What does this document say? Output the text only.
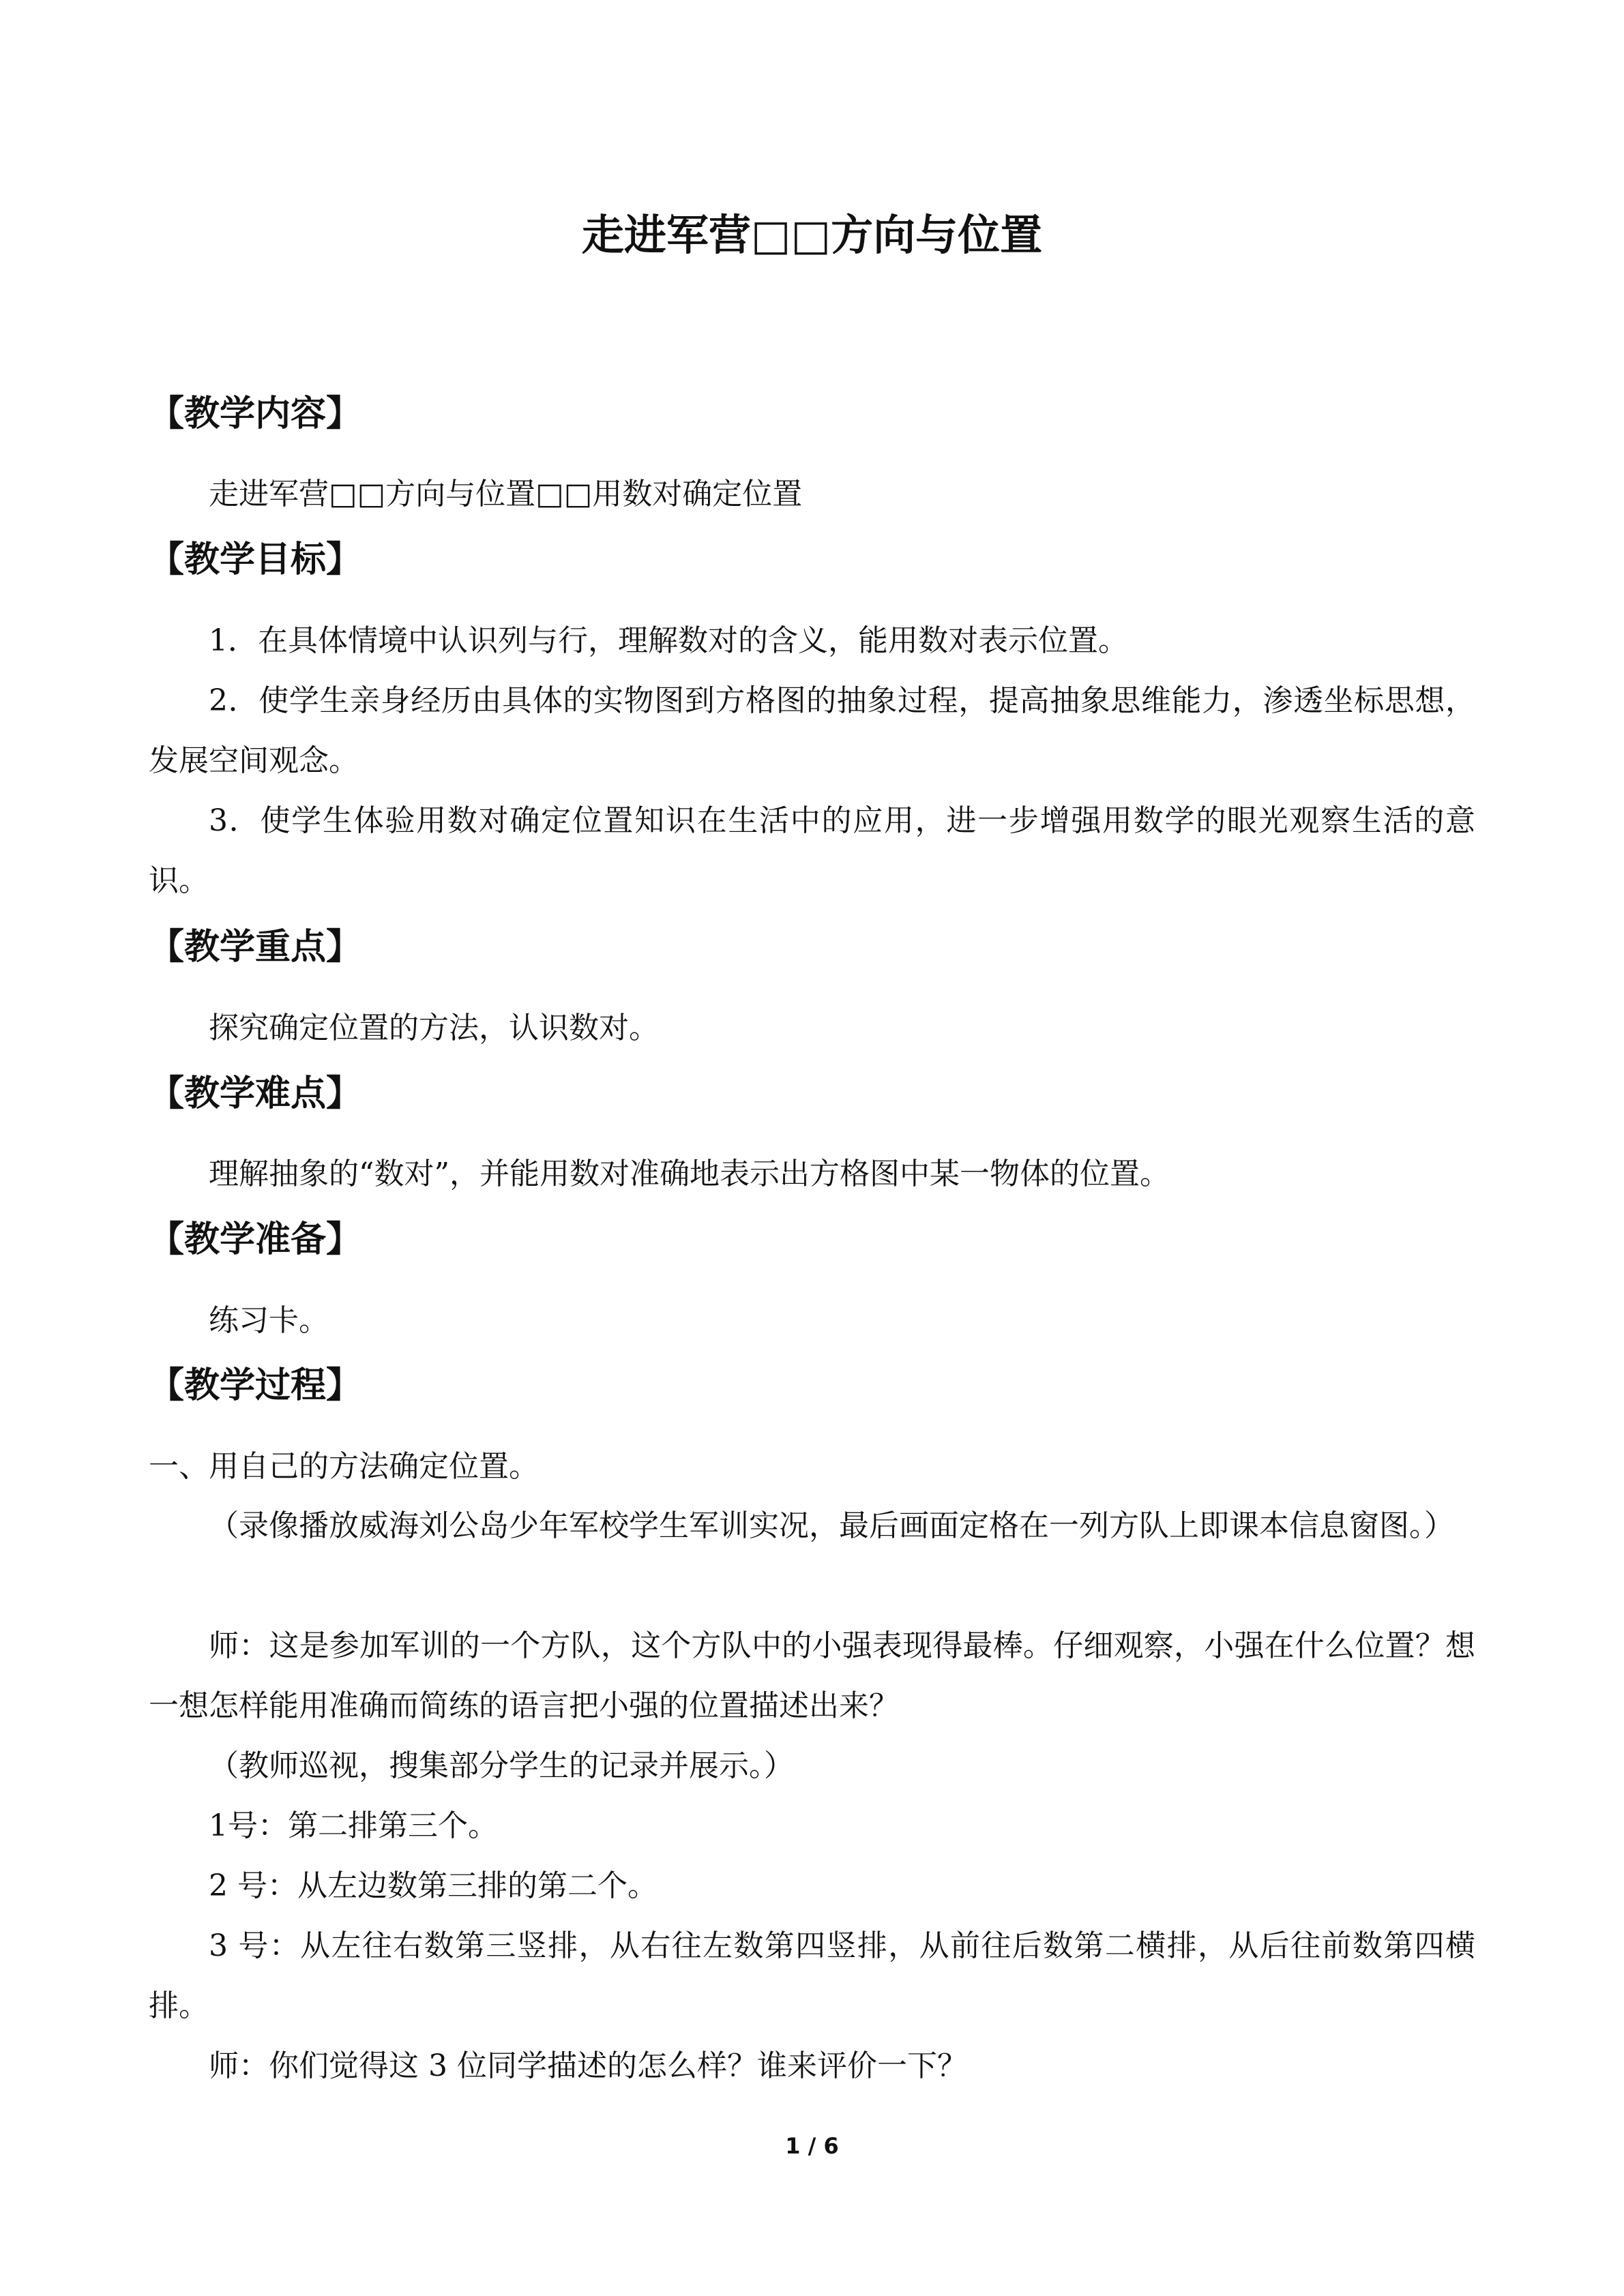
走进军营□□方向与位置
【教学内容】

走进军营□□方向与位置□□用数对确定位置

【教学目标】

1．在具体情境中认识列与行，理解数对的含义，能用数对表示位置。

2．使学生亲身经历由具体的实物图到方格图的抽象过程，提高抽象思维能力，渗透坐标思想，发展空间观念。

3．使学生体验用数对确定位置知识在生活中的应用，进一步增强用数学的眼光观察生活的意识。

【教学重点】

探究确定位置的方法，认识数对。

【教学难点】

理解抽象的“数对”，并能用数对准确地表示出方格图中某一物体的位置。

【教学准备】

练习卡。

【教学过程】

一、用自己的方法确定位置。

（录像播放威海刘公岛少年军校学生军训实况，最后画面定格在一列方队上即课本信息窗图。）

师：这是参加军训的一个方队，这个方队中的小强表现得最棒。仔细观察，小强在什么位置？想一想怎样能用准确而简练的语言把小强的位置描述出来？

（教师巡视，搜集部分学生的记录并展示。）

1号：第二排第三个。

2 号：从左边数第三排的第二个。

3 号：从左往右数第三竖排，从右往左数第四竖排，从前往后数第二横排，从后往前数第四横排。

师：你们觉得这 3 位同学描述的怎么样？谁来评价一下？

1 / 6
